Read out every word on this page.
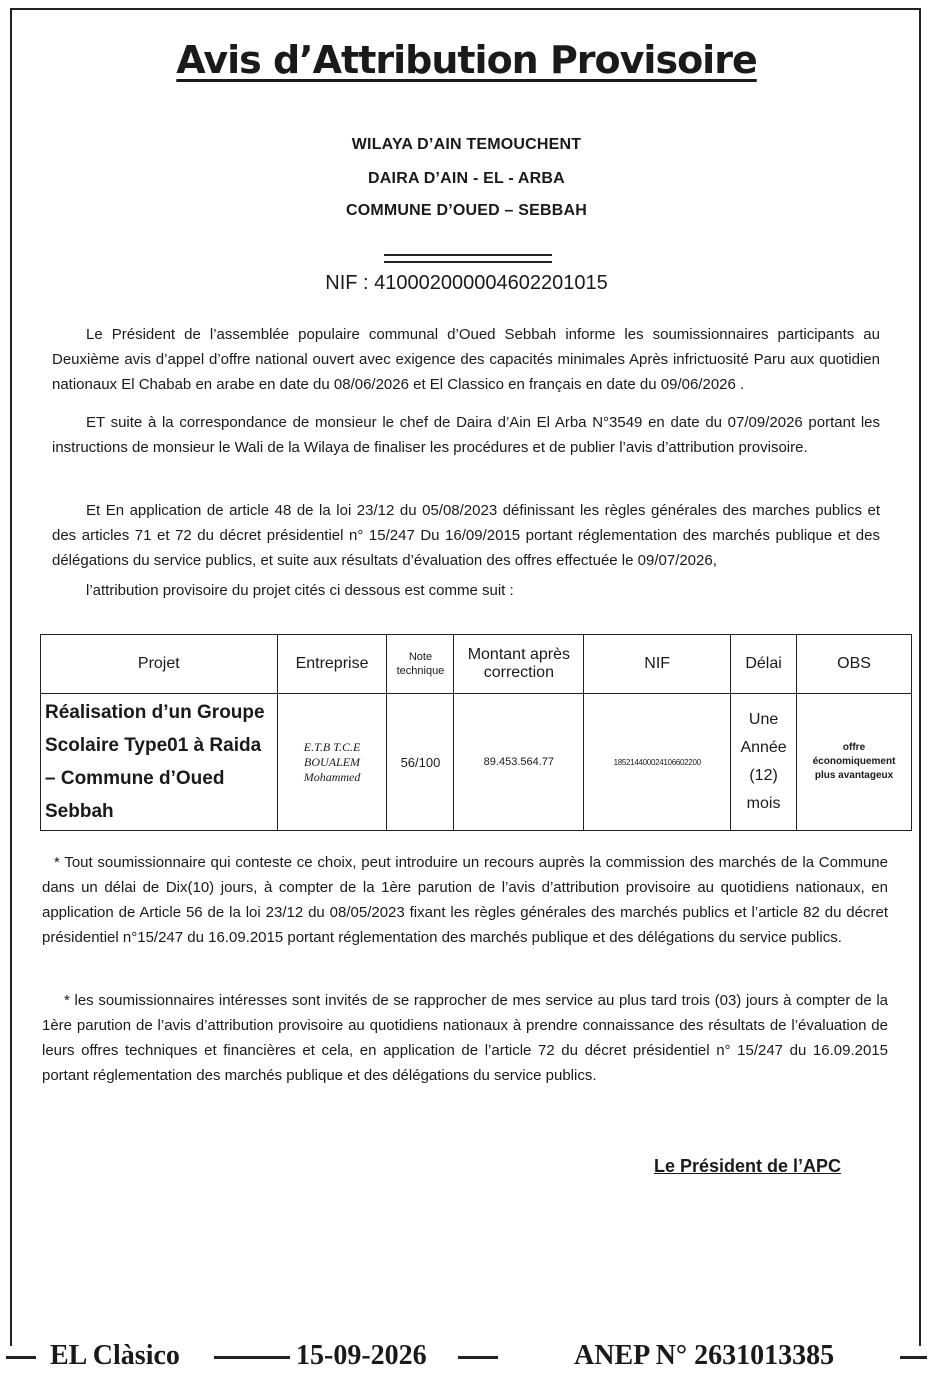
Avis d’Attribution Provisoire
WILAYA D’AIN TEMOUCHENT
DAIRA D’AIN - EL - ARBA
COMMUNE D’OUED – SEBBAH
NIF : 410002000004602201015
Le Président de l’assemblée populaire communal d’Oued Sebbah informe les soumissionnaires participants au Deuxième avis d’appel d’offre national ouvert avec exigence des capacités minimales Après infrictuosité Paru aux quotidien nationaux El Chabab en arabe en date du 08/06/2026 et El Classico en français en date du 09/06/2026 .
ET suite à la correspondance de monsieur le chef de Daira d’Ain El Arba N°3549 en date du 07/09/2026 portant les instructions de monsieur le Wali de la Wilaya de finaliser les procédures et de publier l’avis d’attribution provisoire.
Et En application de article 48 de la loi 23/12 du 05/08/2023 définissant les règles générales des marches publics et des articles 71 et 72 du décret présidentiel n° 15/247 Du 16/09/2015 portant réglementation des marchés publique et des délégations du service publics, et suite aux résultats d’évaluation des offres effectuée le 09/07/2026,
l’attribution provisoire du projet cités ci dessous est comme suit :
Projet	Entreprise	Note technique	Montant après correction	NIF	Délai	OBS
Réalisation d’un Groupe Scolaire Type01 à Raida – Commune d’Oued Sebbah	E.T.B T.C.E BOUALEM Mohammed	56/100	89.453.564.77	185214400024106602200	Une Année (12) mois	offre économiquement plus avantageux
* Tout soumissionnaire qui conteste ce choix, peut introduire un recours auprès la commission des marchés de la Commune dans un délai de Dix(10) jours, à compter de la 1ère parution de l’avis d’attribution provisoire au quotidiens nationaux, en application de Article 56 de la loi 23/12 du 08/05/2023 fixant les règles générales des marchés publics et l’article 82 du décret présidentiel n°15/247 du 16.09.2015 portant réglementation des marchés publique et des délégations du service publics.
* les soumissionnaires intéresses sont invités de se rapprocher de mes service au plus tard trois (03) jours à compter de la 1ère parution de l’avis d’attribution provisoire au quotidiens nationaux à prendre connaissance des résultats de l’évaluation de leurs offres techniques et financières et cela, en application de l’article 72 du décret présidentiel n° 15/247 du 16.09.2015 portant réglementation des marchés publique et des délégations du service publics.
Le Président de l’APC
EL Clàsico	15-09-2026	ANEP N° 2631013385
